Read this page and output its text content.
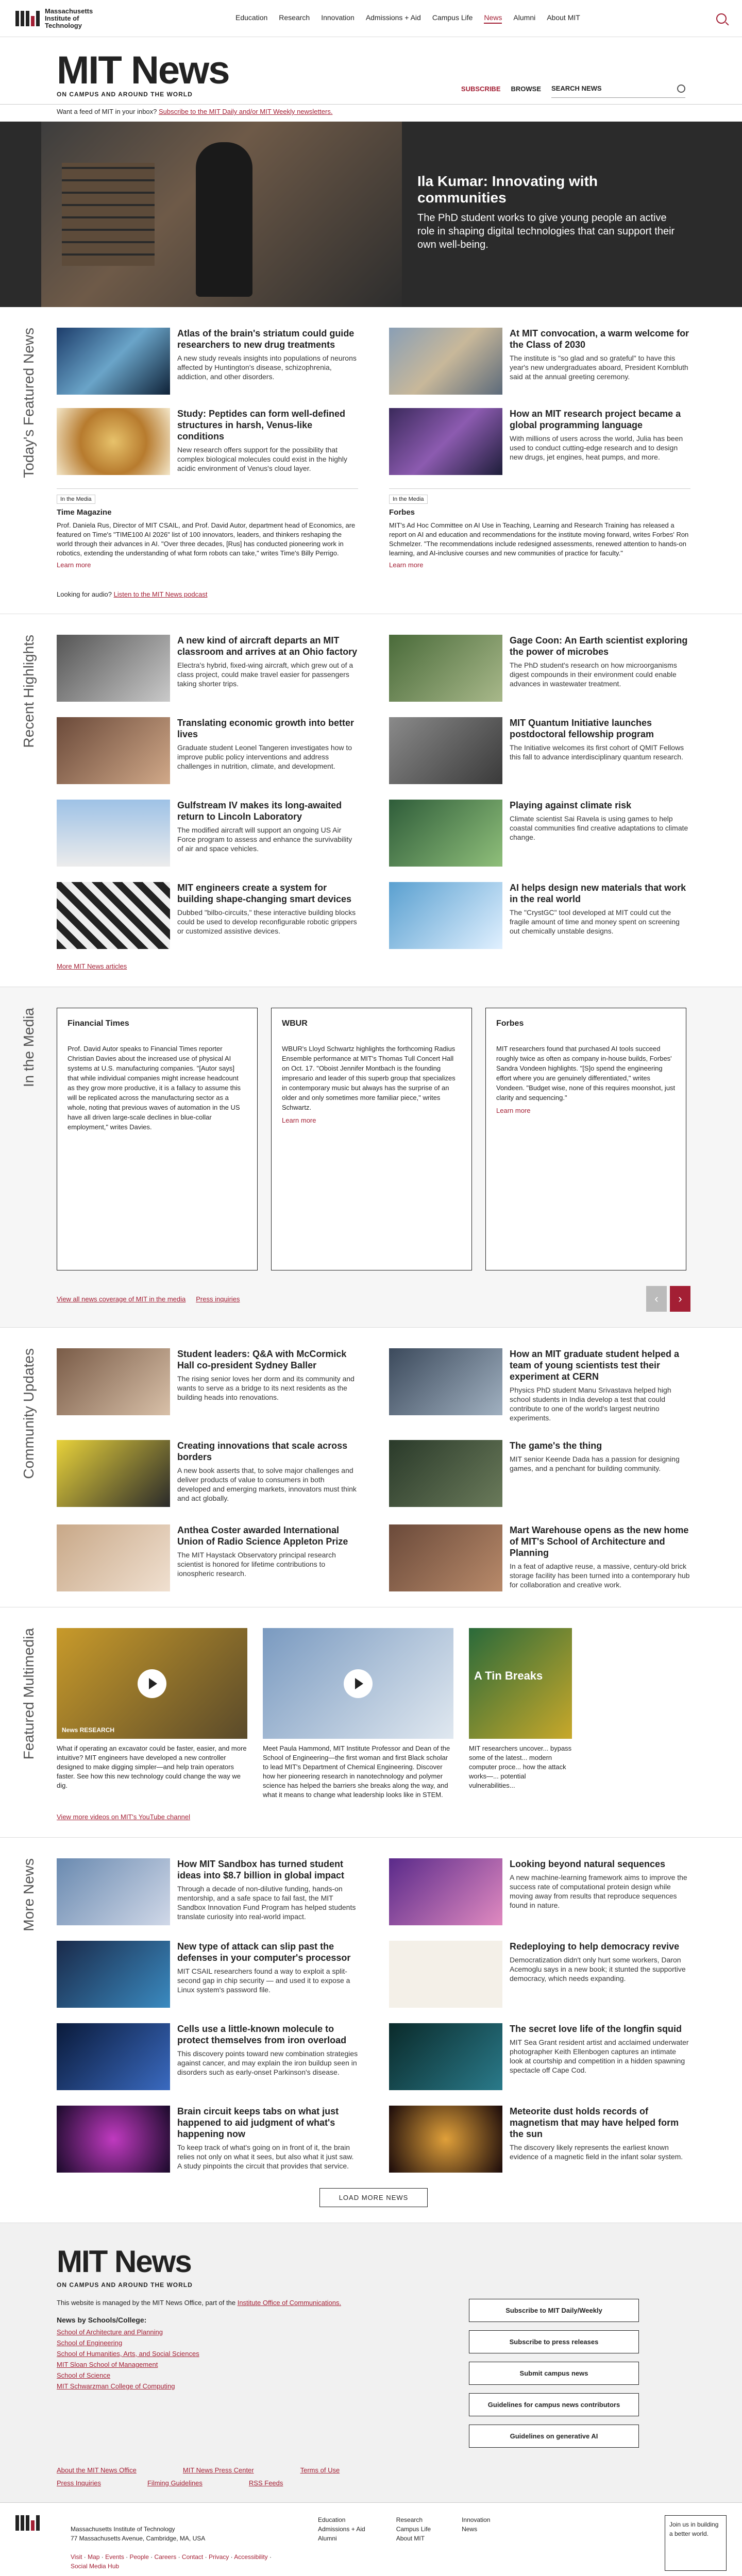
Massachusetts Institute of Technology
Education Research Innovation Admissions + Aid Campus Life News Alumni About MIT
MIT News
ON CAMPUS AND AROUND THE WORLD
SUBSCRIBE BROWSE SEARCH NEWS
Want a feed of MIT in your inbox? Subscribe to the MIT Daily and/or MIT Weekly newsletters.
Ila Kumar: Innovating with communities

The PhD student works to give young people an active role in shaping digital technologies that can support their own well-being.

Today's Featured News	Atlas of the brain's striatum could guide researchers to new drug treatments

A new study reveals insights into populations of neurons affected by Huntington's disease, schizophrenia, addiction, and other disorders.

At MIT convocation, a warm welcome for the Class of 2030

The institute is "so glad and so grateful" to have this year's new undergraduates aboard, President Kornbluth said at the annual greeting ceremony.

Study: Peptides can form well-defined structures in harsh, Venus-like conditions

New research offers support for the possibility that complex biological molecules could exist in the highly acidic environment of Venus's cloud layer.

How an MIT research project became a global programming language

With millions of users across the world, Julia has been used to conduct cutting-edge research and to design new drugs, jet engines, heat pumps, and more.

In the Media
Time Magazine

Prof. Daniela Rus, Director of MIT CSAIL, and Prof. David Autor, department head of Economics, are featured on Time's "TIME100 AI 2026" list of 100 innovators, leaders, and thinkers reshaping the world through their advances in AI. "Over three decades, [Rus] has conducted pioneering work in robotics, extending the understanding of what form robots can take," writes Time's Billy Perrigo.

Learn more
In the Media
Forbes

MIT's Ad Hoc Committee on AI Use in Teaching, Learning and Research Training has released a report on AI and education and recommendations for the institute moving forward, writes Forbes' Ron Schmelzer. "The recommendations include redesigned assessments, renewed attention to hands-on learning, and AI-inclusive courses and new communities of practice for faculty."

Learn more
Looking for audio? Listen to the MIT News podcast
Recent Highlights	A new kind of aircraft departs an MIT classroom and arrives at an Ohio factory

Electra's hybrid, fixed-wing aircraft, which grew out of a class project, could make travel easier for passengers taking shorter trips.

Gage Coon: An Earth scientist exploring the power of microbes

The PhD student's research on how microorganisms digest compounds in their environment could enable advances in wastewater treatment.

Translating economic growth into better lives

Graduate student Leonel Tangeren investigates how to improve public policy interventions and address challenges in nutrition, climate, and development.

MIT Quantum Initiative launches postdoctoral fellowship program

The Initiative welcomes its first cohort of QMIT Fellows this fall to advance interdisciplinary quantum research.

Gulfstream IV makes its long-awaited return to Lincoln Laboratory

The modified aircraft will support an ongoing US Air Force program to assess and enhance the survivability of air and space vehicles.

Playing against climate risk

Climate scientist Sai Ravela is using games to help coastal communities find creative adaptations to climate change.

MIT engineers create a system for building shape-changing smart devices

Dubbed "bilbo-circuits," these interactive building blocks could be used to develop reconfigurable robotic grippers or customized assistive devices.

AI helps design new materials that work in the real world

The "CrystGC" tool developed at MIT could cut the fragile amount of time and money spent on screening out chemically unstable designs.

More MIT News articles
In the Media	Financial Times

Prof. David Autor speaks to Financial Times reporter Christian Davies about the increased use of physical AI systems at U.S. manufacturing companies. "[Autor says] that while individual companies might increase headcount as they grow more productive, it is a fallacy to assume this will be replicated across the manufacturing sector as a whole, noting that previous waves of automation in the US have all driven large-scale declines in blue-collar employment," writes Davies.

WBUR

WBUR's Lloyd Schwartz highlights the forthcoming Radius Ensemble performance at MIT's Thomas Tull Concert Hall on Oct. 17. "Oboist Jennifer Montbach is the founding impresario and leader of this superb group that specializes in contemporary music but always has the surprise of an older and only sometimes more familiar piece," writes Schwartz.

Learn more
Forbes

MIT researchers found that purchased AI tools succeed roughly twice as often as company in-house builds, Forbes' Sandra Vondeen highlights. "[S]o spend the engineering effort where you are genuinely differentiated," writes Vondeen. "Budget wise, none of this requires moonshot, just clarity and sequencing."

Learn more
View all news coverage of MIT in the media Press inquiries	‹	›
Community Updates	Student leaders: Q&A with McCormick Hall co-president Sydney Baller

The rising senior loves her dorm and its community and wants to serve as a bridge to its next residents as the building heads into renovations.

How an MIT graduate student helped a team of young scientists test their experiment at CERN

Physics PhD student Manu Srivastava helped high school students in India develop a test that could contribute to one of the world's largest neutrino experiments.

Creating innovations that scale across borders

A new book asserts that, to solve major challenges and deliver products of value to consumers in both developed and emerging markets, innovators must think and act globally.

The game's the thing

MIT senior Keende Dada has a passion for designing games, and a penchant for building community.

Anthea Coster awarded International Union of Radio Science Appleton Prize

The MIT Haystack Observatory principal research scientist is honored for lifetime contributions to ionospheric research.

Mart Warehouse opens as the new home of MIT's School of Architecture and Planning

In a feat of adaptive reuse, a massive, century-old brick storage facility has been turned into a contemporary hub for collaboration and creative work.

Featured Multimedia	News RESEARCH

What if operating an excavator could be faster, easier, and more intuitive? MIT engineers have developed a new controller designed to make digging simpler—and help train operators faster. See how this new technology could change the way we dig.

Meet Paula Hammond, MIT Institute Professor and Dean of the School of Engineering—the first woman and first Black scholar to lead MIT's Department of Chemical Engineering. Discover how her pioneering research in nanotechnology and polymer science has helped the barriers she breaks along the way, and what it means to change what leadership looks like in STEM.

A Tin Breaks

MIT researchers uncover... bypass some of the latest... modern computer proce... how the attack works—... potential vulnerabilities...

View more videos on MIT's YouTube channel
More News	How MIT Sandbox has turned student ideas into $8.7 billion in global impact

Through a decade of non-dilutive funding, hands-on mentorship, and a safe space to fail fast, the MIT Sandbox Innovation Fund Program has helped students translate curiosity into real-world impact.

Looking beyond natural sequences

A new machine-learning framework aims to improve the success rate of computational protein design while moving away from results that reproduce sequences found in nature.

New type of attack can slip past the defenses in your computer's processor

MIT CSAIL researchers found a way to exploit a split-second gap in chip security — and used it to expose a Linux system's password file.

Redeploying to help democracy revive

Democratization didn't only hurt some workers, Daron Acemoglu says in a new book; it stunted the supportive democracy, which needs expanding.

Cells use a little-known molecule to protect themselves from iron overload

This discovery points toward new combination strategies against cancer, and may explain the iron buildup seen in disorders such as early-onset Parkinson's disease.

The secret love life of the longfin squid

MIT Sea Grant resident artist and acclaimed underwater photographer Keith Ellenbogen captures an intimate look at courtship and competition in a hidden spawning spectacle off Cape Cod.

Brain circuit keeps tabs on what just happened to aid judgment of what's happening now

To keep track of what's going on in front of it, the brain relies not only on what it sees, but also what it just saw. A study pinpoints the circuit that provides that service.

Meteorite dust holds records of magnetism that may have helped form the sun

The discovery likely represents the earliest known evidence of a magnetic field in the infant solar system.

LOAD MORE NEWS
MIT News
ON CAMPUS AND AROUND THE WORLD

This website is managed by the MIT News Office, part of the Institute Office of Communications.

News by Schools/College:
School of Architecture and Planning
School of Engineering
School of Humanities, Arts, and Social Sciences
MIT Sloan School of Management
School of Science
MIT Schwarzman College of Computing
Subscribe to MIT Daily/Weekly
Subscribe to press releases
Submit campus news
Guidelines for campus news contributors
Guidelines on generative AI
About the MIT News Office	MIT News Press Center	Terms of Use
Press Inquiries	Filming Guidelines	RSS Feeds

Massachusetts Institute of Technology
77 Massachusetts Avenue, Cambridge, MA, USA

Visit · Map · Events · People · Careers · Contact · Privacy · Accessibility · Social Media Hub

Education
Admissions + Aid
Alumni
Research
Campus Life
About MIT
Innovation
News
Join us in building a better world.
